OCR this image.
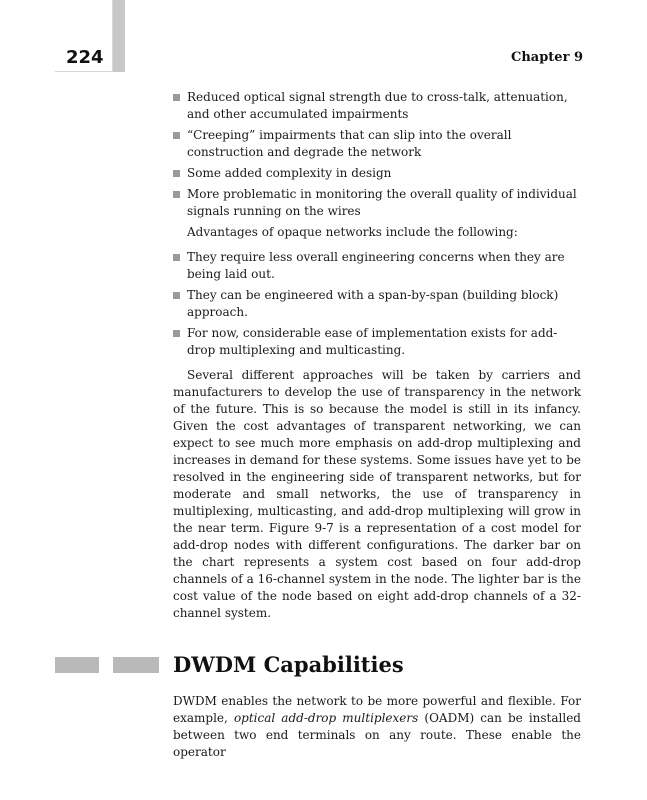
224	Chapter 9
Reduced optical signal strength due to cross-talk, attenuation, and other accumulated impairments
“Creeping” impairments that can slip into the overall construction and degrade the network
Some added complexity in design
More problematic in monitoring the overall quality of individual signals running on the wires

Advantages of opaque networks include the following:

They require less overall engineering concerns when they are being laid out.
They can be engineered with a span-by-span (building block) approach.
For now, considerable ease of implementation exists for add-drop multiplexing and multicasting.

Several different approaches will be taken by carriers and manufacturers to develop the use of transparency in the network of the future. This is so because the model is still in its infancy. Given the cost advantages of transparent networking, we can expect to see much more emphasis on add-drop multiplexing and increases in demand for these systems. Some issues have yet to be resolved in the engineering side of transparent networks, but for moderate and small networks, the use of transparency in multiplexing, multicasting, and add-drop multiplexing will grow in the near term. Figure 9-7 is a representation of a cost model for add-drop nodes with different configurations. The darker bar on the chart represents a system cost based on four add-drop channels of a 16-channel system in the node. The lighter bar is the cost value of the node based on eight add-drop channels of a 32-channel system.

DWDM Capabilities

DWDM enables the network to be more powerful and flexible. For example, optical add-drop multiplexers (OADM) can be installed between two end terminals on any route. These enable the operator
